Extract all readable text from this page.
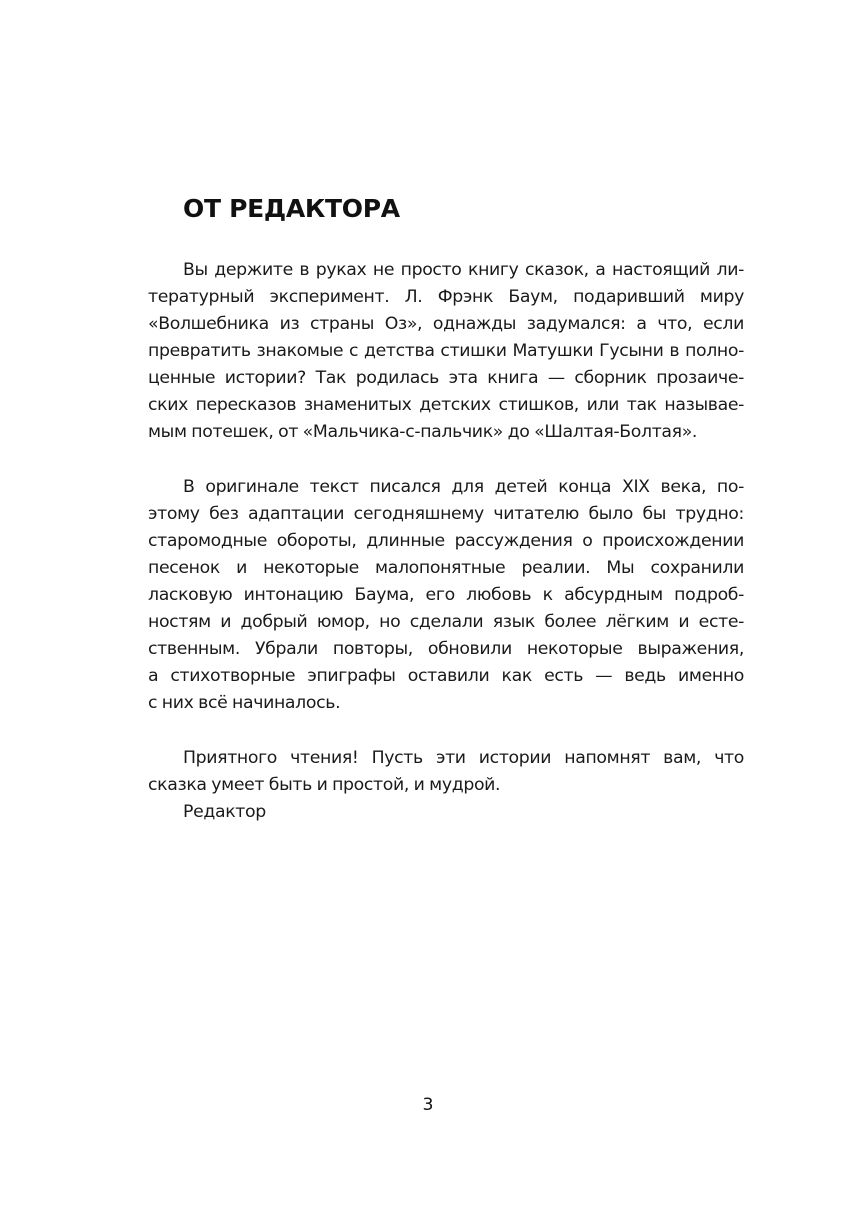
ОТ РЕДАКТОРА
Вы держите в руках не просто книгу сказок, а настоящий ли-
тературный эксперимент. Л. Фрэнк Баум, подаривший миру
«Волшебника из страны Оз», однажды задумался: а что, если
превратить знакомые с детства стишки Матушки Гусыни в полно-
ценные истории? Так родилась эта книга — сборник прозаиче-
ских пересказов знаменитых детских стишков, или так называе-
мым потешек, от «Мальчика-с-пальчик» до «Шалтая-Болтая».
В оригинале текст писался для детей конца XIX века, по-
этому без адаптации сегодняшнему читателю было бы трудно:
старомодные обороты, длинные рассуждения о происхождении
песенок и некоторые малопонятные реалии. Мы сохранили
ласковую интонацию Баума, его любовь к абсурдным подроб-
ностям и добрый юмор, но сделали язык более лёгким и есте-
ственным. Убрали повторы, обновили некоторые выражения,
а стихотворные эпиграфы оставили как есть — ведь именно
с них всё начиналось.
Приятного чтения! Пусть эти истории напомнят вам, что
сказка умеет быть и простой, и мудрой.
Редактор
3
